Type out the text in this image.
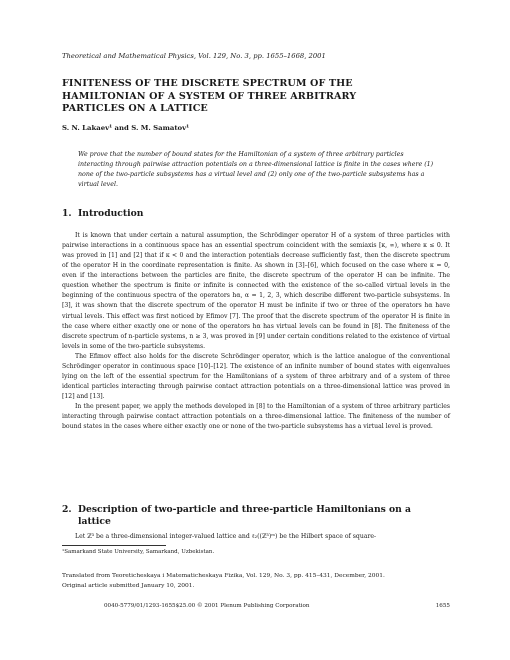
Theoretical and Mathematical Physics, Vol. 129, No. 3, pp. 1655–1668, 2001
FINITENESS OF THE DISCRETE SPECTRUM OF THE
HAMILTONIAN OF A SYSTEM OF THREE ARBITRARY
PARTICLES ON A LATTICE
S. N. Lakaev¹ and S. M. Samatov¹
We prove that the number of bound states for the Hamiltonian of a system of three arbitrary particles interacting through pairwise attraction potentials on a three-dimensional lattice is finite in the cases where (1) none of the two-particle subsystems has a virtual level and (2) only one of the two-particle subsystems has a virtual level.
1. Introduction

It is known that under certain a natural assumption, the Schrödinger operator H of a system of three particles with pairwise interactions in a continuous space has an essential spectrum coincident with the semiaxis [κ, ∞), where κ ≤ 0. It was proved in [1] and [2] that if κ < 0 and the interaction potentials decrease sufficiently fast, then the discrete spectrum of the operator H in the coordinate representation is finite. As shown in [3]–[6], which focused on the case where κ = 0, even if the interactions between the particles are finite, the discrete spectrum of the operator H can be infinite. The question whether the spectrum is finite or infinite is connected with the existence of the so-called virtual levels in the beginning of the continuous spectra of the operators hα, α = 1, 2, 3, which describe different two-particle subsystems. In [3], it was shown that the discrete spectrum of the operator H must be infinite if two or three of the operators hα have virtual levels. This effect was first noticed by Efimov [7]. The proof that the discrete spectrum of the operator H is finite in the case where either exactly one or none of the operators hα has virtual levels can be found in [8]. The finiteness of the discrete spectrum of n-particle systems, n ≥ 3, was proved in [9] under certain conditions related to the existence of virtual levels in some of the two-particle subsystems.

The Efimov effect also holds for the discrete Schrödinger operator, which is the lattice analogue of the conventional Schrödinger operator in continuous space [10]–[12]. The existence of an infinite number of bound states with eigenvalues lying on the left of the essential spectrum for the Hamiltonians of a system of three arbitrary and of a system of three identical particles interacting through pairwise contact attraction potentials on a three-dimensional lattice was proved in [12] and [13].

In the present paper, we apply the methods developed in [8] to the Hamiltonian of a system of three arbitrary particles interacting through pairwise contact attraction potentials on a three-dimensional lattice. The finiteness of the number of bound states in the cases where either exactly one or none of the two-particle subsystems has a virtual level is proved.

2. Description of two-particle and three-particle Hamiltonians on a
lattice

Let ℤ³ be a three-dimensional integer-valued lattice and ℓ₂((ℤ³)ᵐ) be the Hilbert space of square-

¹Samarkand State University, Samarkand, Uzbekistan.
Translated from Teoreticheskaya i Matematicheskaya Fizika, Vol. 129, No. 3, pp. 415–431, December, 2001.
Original article submitted January 10, 2001.
0040-5779/01/1293-1655$25.00 © 2001 Plenum Publishing Corporation	1655
